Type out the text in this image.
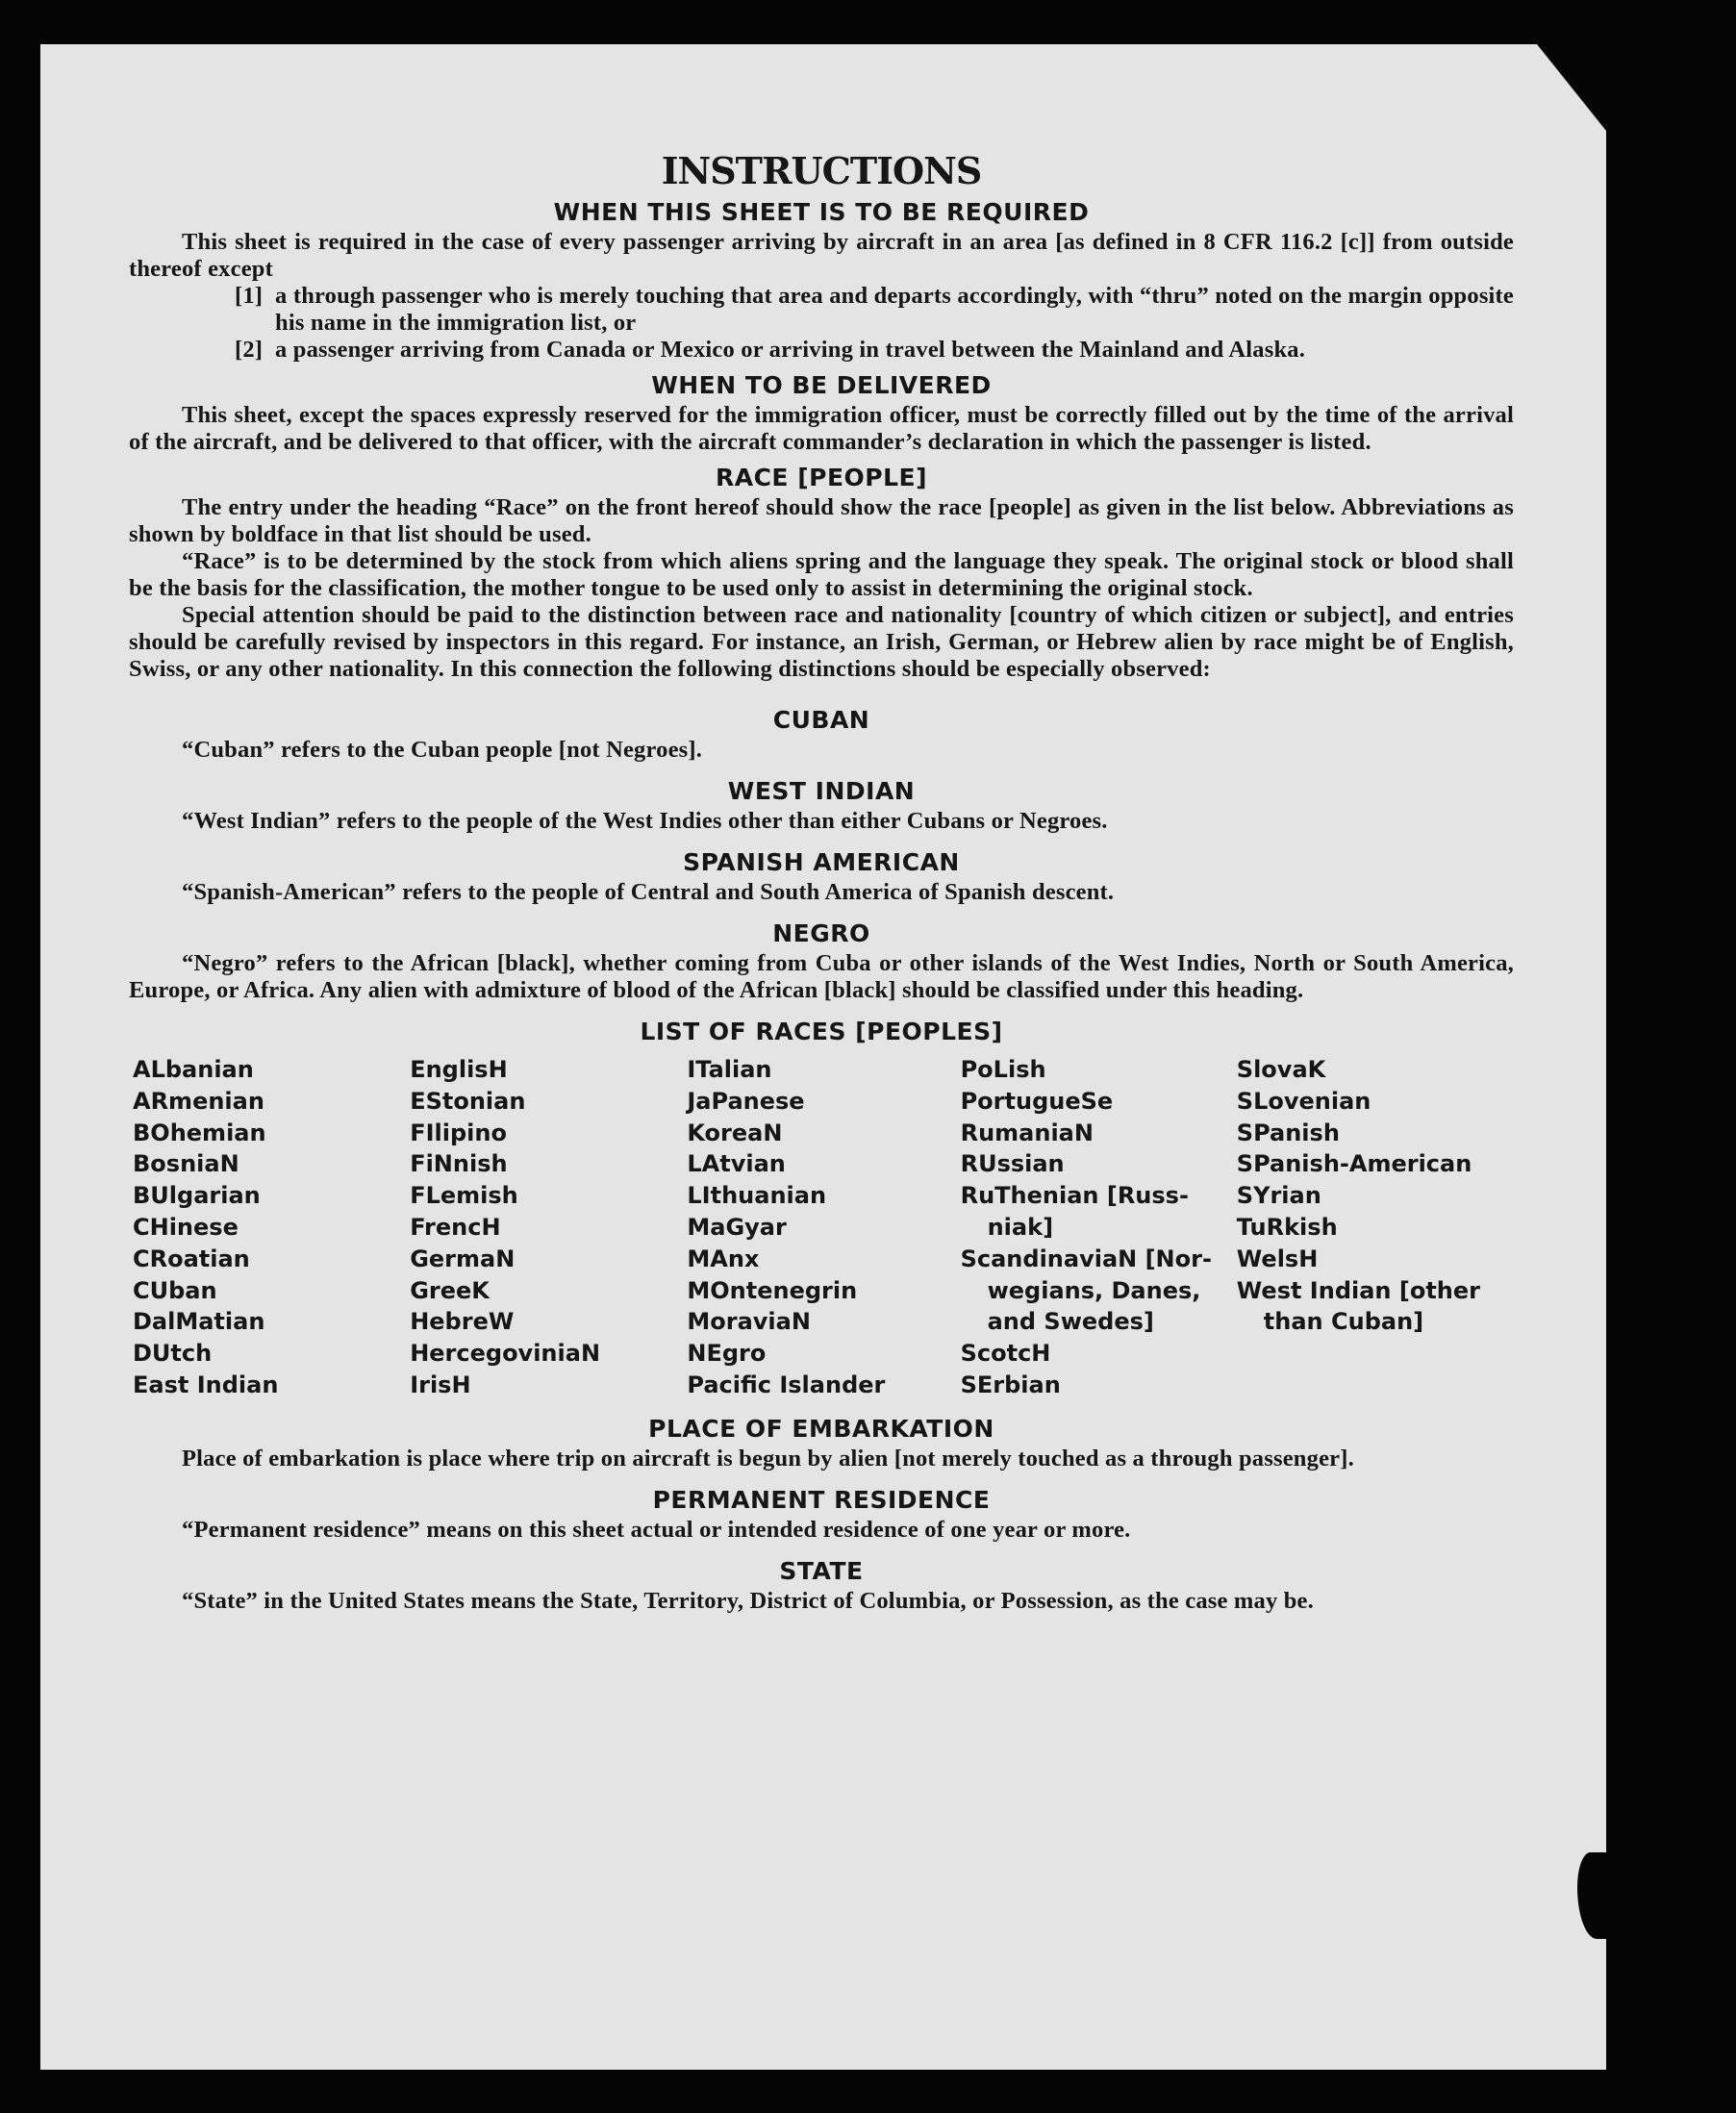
INSTRUCTIONS
WHEN THIS SHEET IS TO BE REQUIRED

This sheet is required in the case of every passenger arriving by aircraft in an area [as defined in 8 CFR 116.2 [c]] from outside thereof except

[1] a through passenger who is merely touching that area and departs accordingly, with “thru” noted on the margin opposite his name in the immigration list, or
[2] a passenger arriving from Canada or Mexico or arriving in travel between the Mainland and Alaska.
WHEN TO BE DELIVERED

This sheet, except the spaces expressly reserved for the immigration officer, must be correctly filled out by the time of the arrival of the aircraft, and be delivered to that officer, with the aircraft commander’s declaration in which the passenger is listed.

RACE [PEOPLE]

The entry under the heading “Race” on the front hereof should show the race [people] as given in the list below. Abbreviations as shown by boldface in that list should be used.

“Race” is to be determined by the stock from which aliens spring and the language they speak. The original stock or blood shall be the basis for the classification, the mother tongue to be used only to assist in determining the original stock.

Special attention should be paid to the distinction between race and nationality [country of which citizen or subject], and entries should be carefully revised by inspectors in this regard. For instance, an Irish, German, or Hebrew alien by race might be of English, Swiss, or any other nationality. In this connection the following distinctions should be especially observed:

CUBAN

“Cuban” refers to the Cuban people [not Negroes].

WEST INDIAN

“West Indian” refers to the people of the West Indies other than either Cubans or Negroes.

SPANISH AMERICAN

“Spanish-American” refers to the people of Central and South America of Spanish descent.

NEGRO

“Negro” refers to the African [black], whether coming from Cuba or other islands of the West Indies, North or South America, Europe, or Africa. Any alien with admixture of blood of the African [black] should be classified under this heading.

LIST OF RACES [PEOPLES]
ALbanian
ARmenian
BOhemian
BosniaN
BUlgarian
CHinese
CRoatian
CUban
DalMatian
DUtch
East Indian
EnglisH
EStonian
FIlipino
FiNnish
FLemish
FrencH
GermaN
GreeK
HebreW
HercegoviniaN
IrisH
ITalian
JaPanese
KoreaN
LAtvian
LIthuanian
MaGyar
MAnx
MOntenegrin
MoraviaN
NEgro
Pacific Islander
PoLish
PortugueSe
RumaniaN
RUssian
RuThenian [Russ-
niak]
ScandinaviaN [Nor-
wegians, Danes, and Swedes]
ScotcH
SErbian
SlovaK
SLovenian
SPanish
SPanish-American
SYrian
TuRkish
WelsH
West Indian [other
than Cuban]
PLACE OF EMBARKATION

Place of embarkation is place where trip on aircraft is begun by alien [not merely touched as a through passenger].

PERMANENT RESIDENCE

“Permanent residence” means on this sheet actual or intended residence of one year or more.

STATE

“State” in the United States means the State, Territory, District of Columbia, or Possession, as the case may be.
